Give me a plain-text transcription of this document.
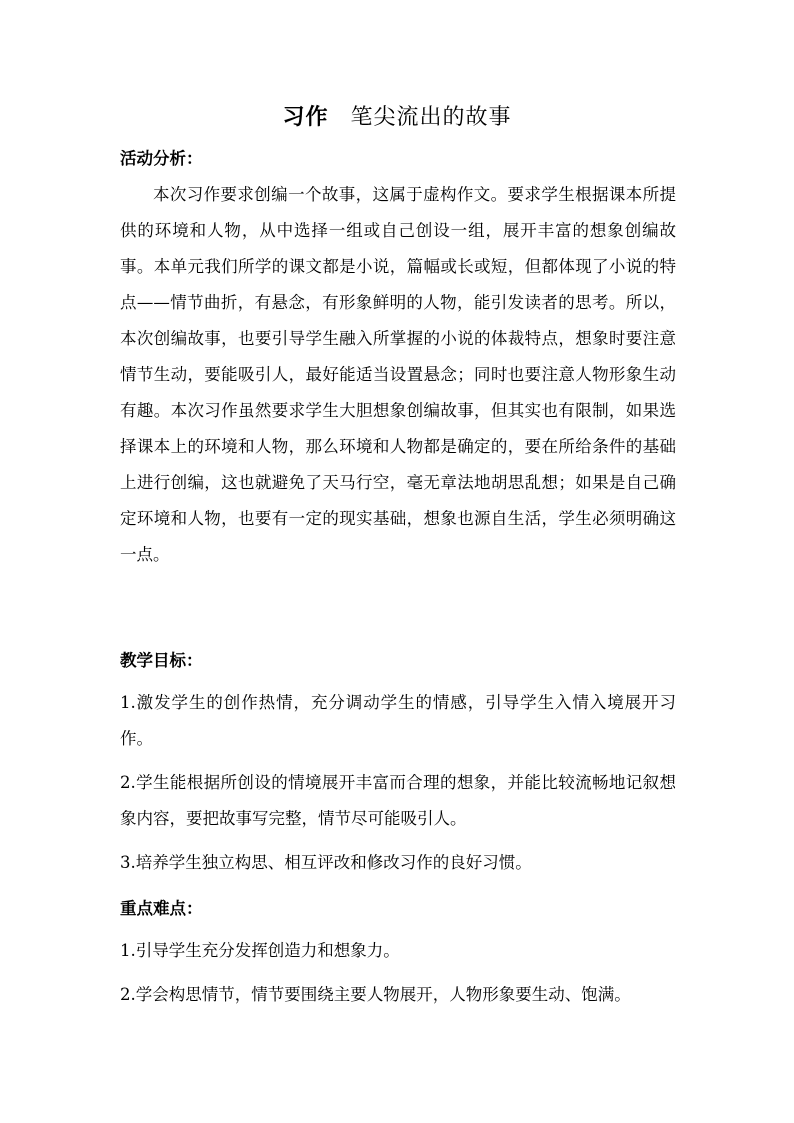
习作 笔尖流出的故事
活动分析：
本次习作要求创编一个故事，这属于虚构作文。要求学生根据课本所提供的环境和人物，从中选择一组或自己创设一组，展开丰富的想象创编故事。本单元我们所学的课文都是小说，篇幅或长或短，但都体现了小说的特点——情节曲折，有悬念，有形象鲜明的人物，能引发读者的思考。所以，本次创编故事，也要引导学生融入所掌握的小说的体裁特点，想象时要注意情节生动，要能吸引人，最好能适当设置悬念；同时也要注意人物形象生动有趣。本次习作虽然要求学生大胆想象创编故事，但其实也有限制，如果选择课本上的环境和人物，那么环境和人物都是确定的，要在所给条件的基础上进行创编，这也就避免了天马行空，毫无章法地胡思乱想；如果是自己确定环境和人物，也要有一定的现实基础，想象也源自生活，学生必须明确这一点。
教学目标：
1.激发学生的创作热情，充分调动学生的情感，引导学生入情入境展开习作。
2.学生能根据所创设的情境展开丰富而合理的想象，并能比较流畅地记叙想象内容，要把故事写完整，情节尽可能吸引人。
3.培养学生独立构思、相互评改和修改习作的良好习惯。
重点难点：
1.引导学生充分发挥创造力和想象力。
2.学会构思情节，情节要围绕主要人物展开，人物形象要生动、饱满。
